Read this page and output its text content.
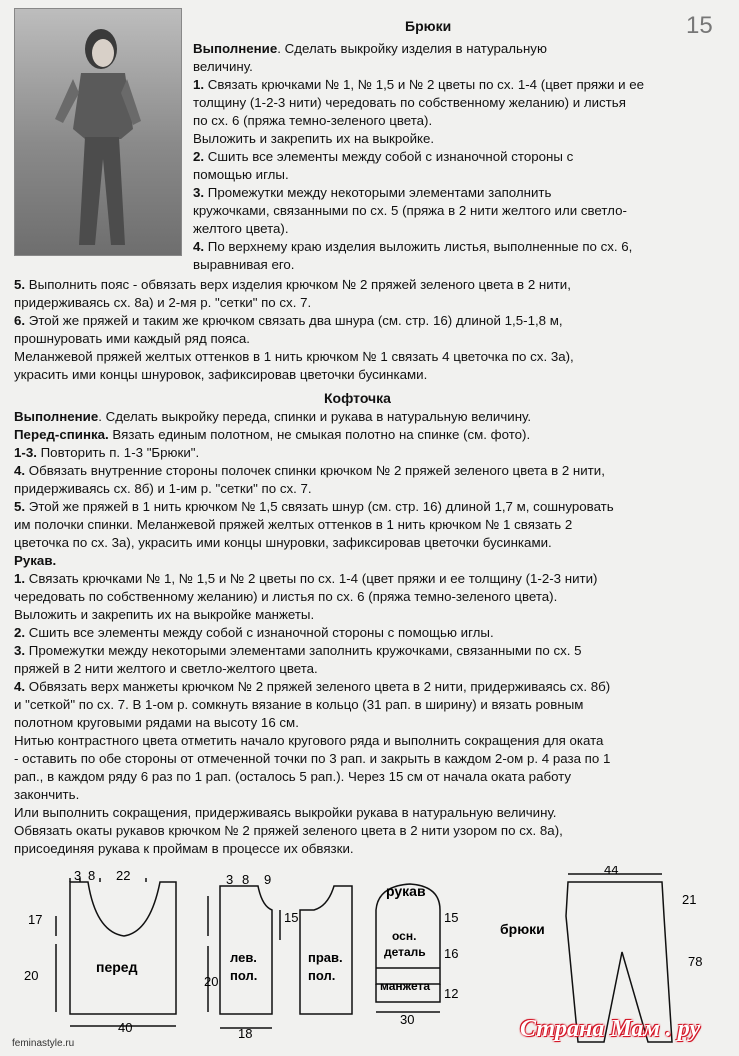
15
Брюки
Выполнение. Сделать выкройку изделия в натуральную
величину.
1. Связать крючками № 1, № 1,5 и № 2 цветы по сх. 1-4 (цвет пряжи и ее
толщину (1-2-3 нити) чередовать по собственному желанию) и листья
по сх. 6 (пряжа темно-зеленого цвета).
Выложить и закрепить их на выкройке.
2. Сшить все элементы между собой с изнаночной стороны с
помощью иглы.
3. Промежутки между некоторыми элементами заполнить
кружочками, связанными по сх. 5 (пряжа в 2 нити желтого или светло-
желтого цвета).
4. По верхнему краю изделия выложить листья, выполненные по сх. 6,
выравнивая его.
5. Выполнить пояс - обвязать верх изделия крючком № 2 пряжей зеленого цвета в 2 нити,
придерживаясь сх. 8а) и 2-мя р. "сетки" по сх. 7.
6. Этой же пряжей и таким же крючком связать два шнура (см. стр. 16) длиной 1,5-1,8 м,
прошнуровать ими каждый ряд пояса.
Меланжевой пряжей желтых оттенков в 1 нить крючком № 1 связать 4 цветочка по сх. 3а),
украсить ими концы шнуровок, зафиксировав цветочки бусинками.
Кофточка
Выполнение. Сделать выкройку переда, спинки и рукава в натуральную величину.
Перед-спинка. Вязать единым полотном, не смыкая полотно на спинке (см. фото).
1-3. Повторить п. 1-3 "Брюки".
4. Обвязать внутренние стороны полочек спинки крючком № 2 пряжей зеленого цвета в 2 нити,
придерживаясь сх. 8б) и 1-им р. "сетки" по сх. 7.
5. Этой же пряжей в 1 нить крючком № 1,5 связать шнур (см. стр. 16) длиной 1,7 м, сошнуровать
им полочки спинки. Меланжевой пряжей желтых оттенков в 1 нить крючком № 1 связать 2
цветочка по сх. 3а), украсить ими концы шнуровки, зафиксировав цветочки бусинками.
Рукав.
1. Связать крючками № 1, № 1,5 и № 2 цветы по сх. 1-4 (цвет пряжи и ее толщину (1-2-3 нити)
чередовать по собственному желанию) и листья по сх. 6 (пряжа темно-зеленого цвета).
Выложить и закрепить их на выкройке манжеты.
2. Сшить все элементы между собой с изнаночной стороны с помощью иглы.
3. Промежутки между некоторыми элементами заполнить кружочками, связанными по сх. 5
пряжей в 2 нити желтого и светло-желтого цвета.
4. Обвязать верх манжеты крючком № 2 пряжей зеленого цвета в 2 нити, придерживаясь сх. 8б)
и "сеткой" по сх. 7. В 1-ом р. сомкнуть вязание в кольцо (31 рап. в ширину) и вязать ровным
полотном круговыми рядами на высоту 16 см.
Нитью контрастного цвета отметить начало кругового ряда и выполнить сокращения для оката
- оставить по обе стороны от отмеченной точки по 3 рап. и закрыть в каждом 2-ом р. 4 раза по 1
рап., в каждом ряду 6 раз по 1 рап. (осталось 5 рап.). Через 15 см от начала оката работу
закончить.
Или выполнить сокращения, придерживаясь выкройки рукава в натуральную величину.
Обвязать окаты рукавов крючком № 2 пряжей зеленого цвета в 2 нити узором по сх. 8а),
присоединяя рукава к проймам в процессе их обвязки.
3 8 22
17
20
40
3 8 9
15
20
18
15
16
12
30
44
21
78
перед
лев.
пол.
прав.
пол.
рукав
осн.
деталь
манжета
брюки
Страна Мам . ру
feminastyle.ru
